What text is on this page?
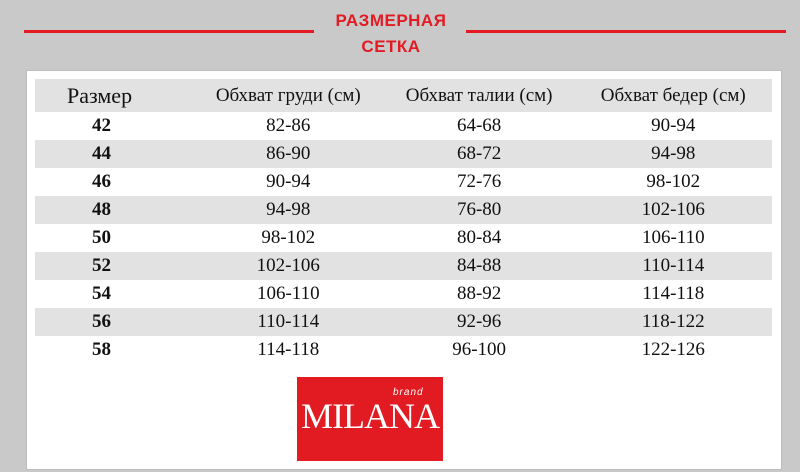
РАЗМЕРНАЯ
СЕТКА
Размер	Обхват груди (см)	Обхват талии (см)	Обхват бедер (см)
42	82-86	64-68	90-94
44	86-90	68-72	94-98
46	90-94	72-76	98-102
48	94-98	76-80	102-106
50	98-102	80-84	106-110
52	102-106	84-88	110-114
54	106-110	88-92	114-118
56	110-114	92-96	118-122
58	114-118	96-100	122-126
brand
MILANA
